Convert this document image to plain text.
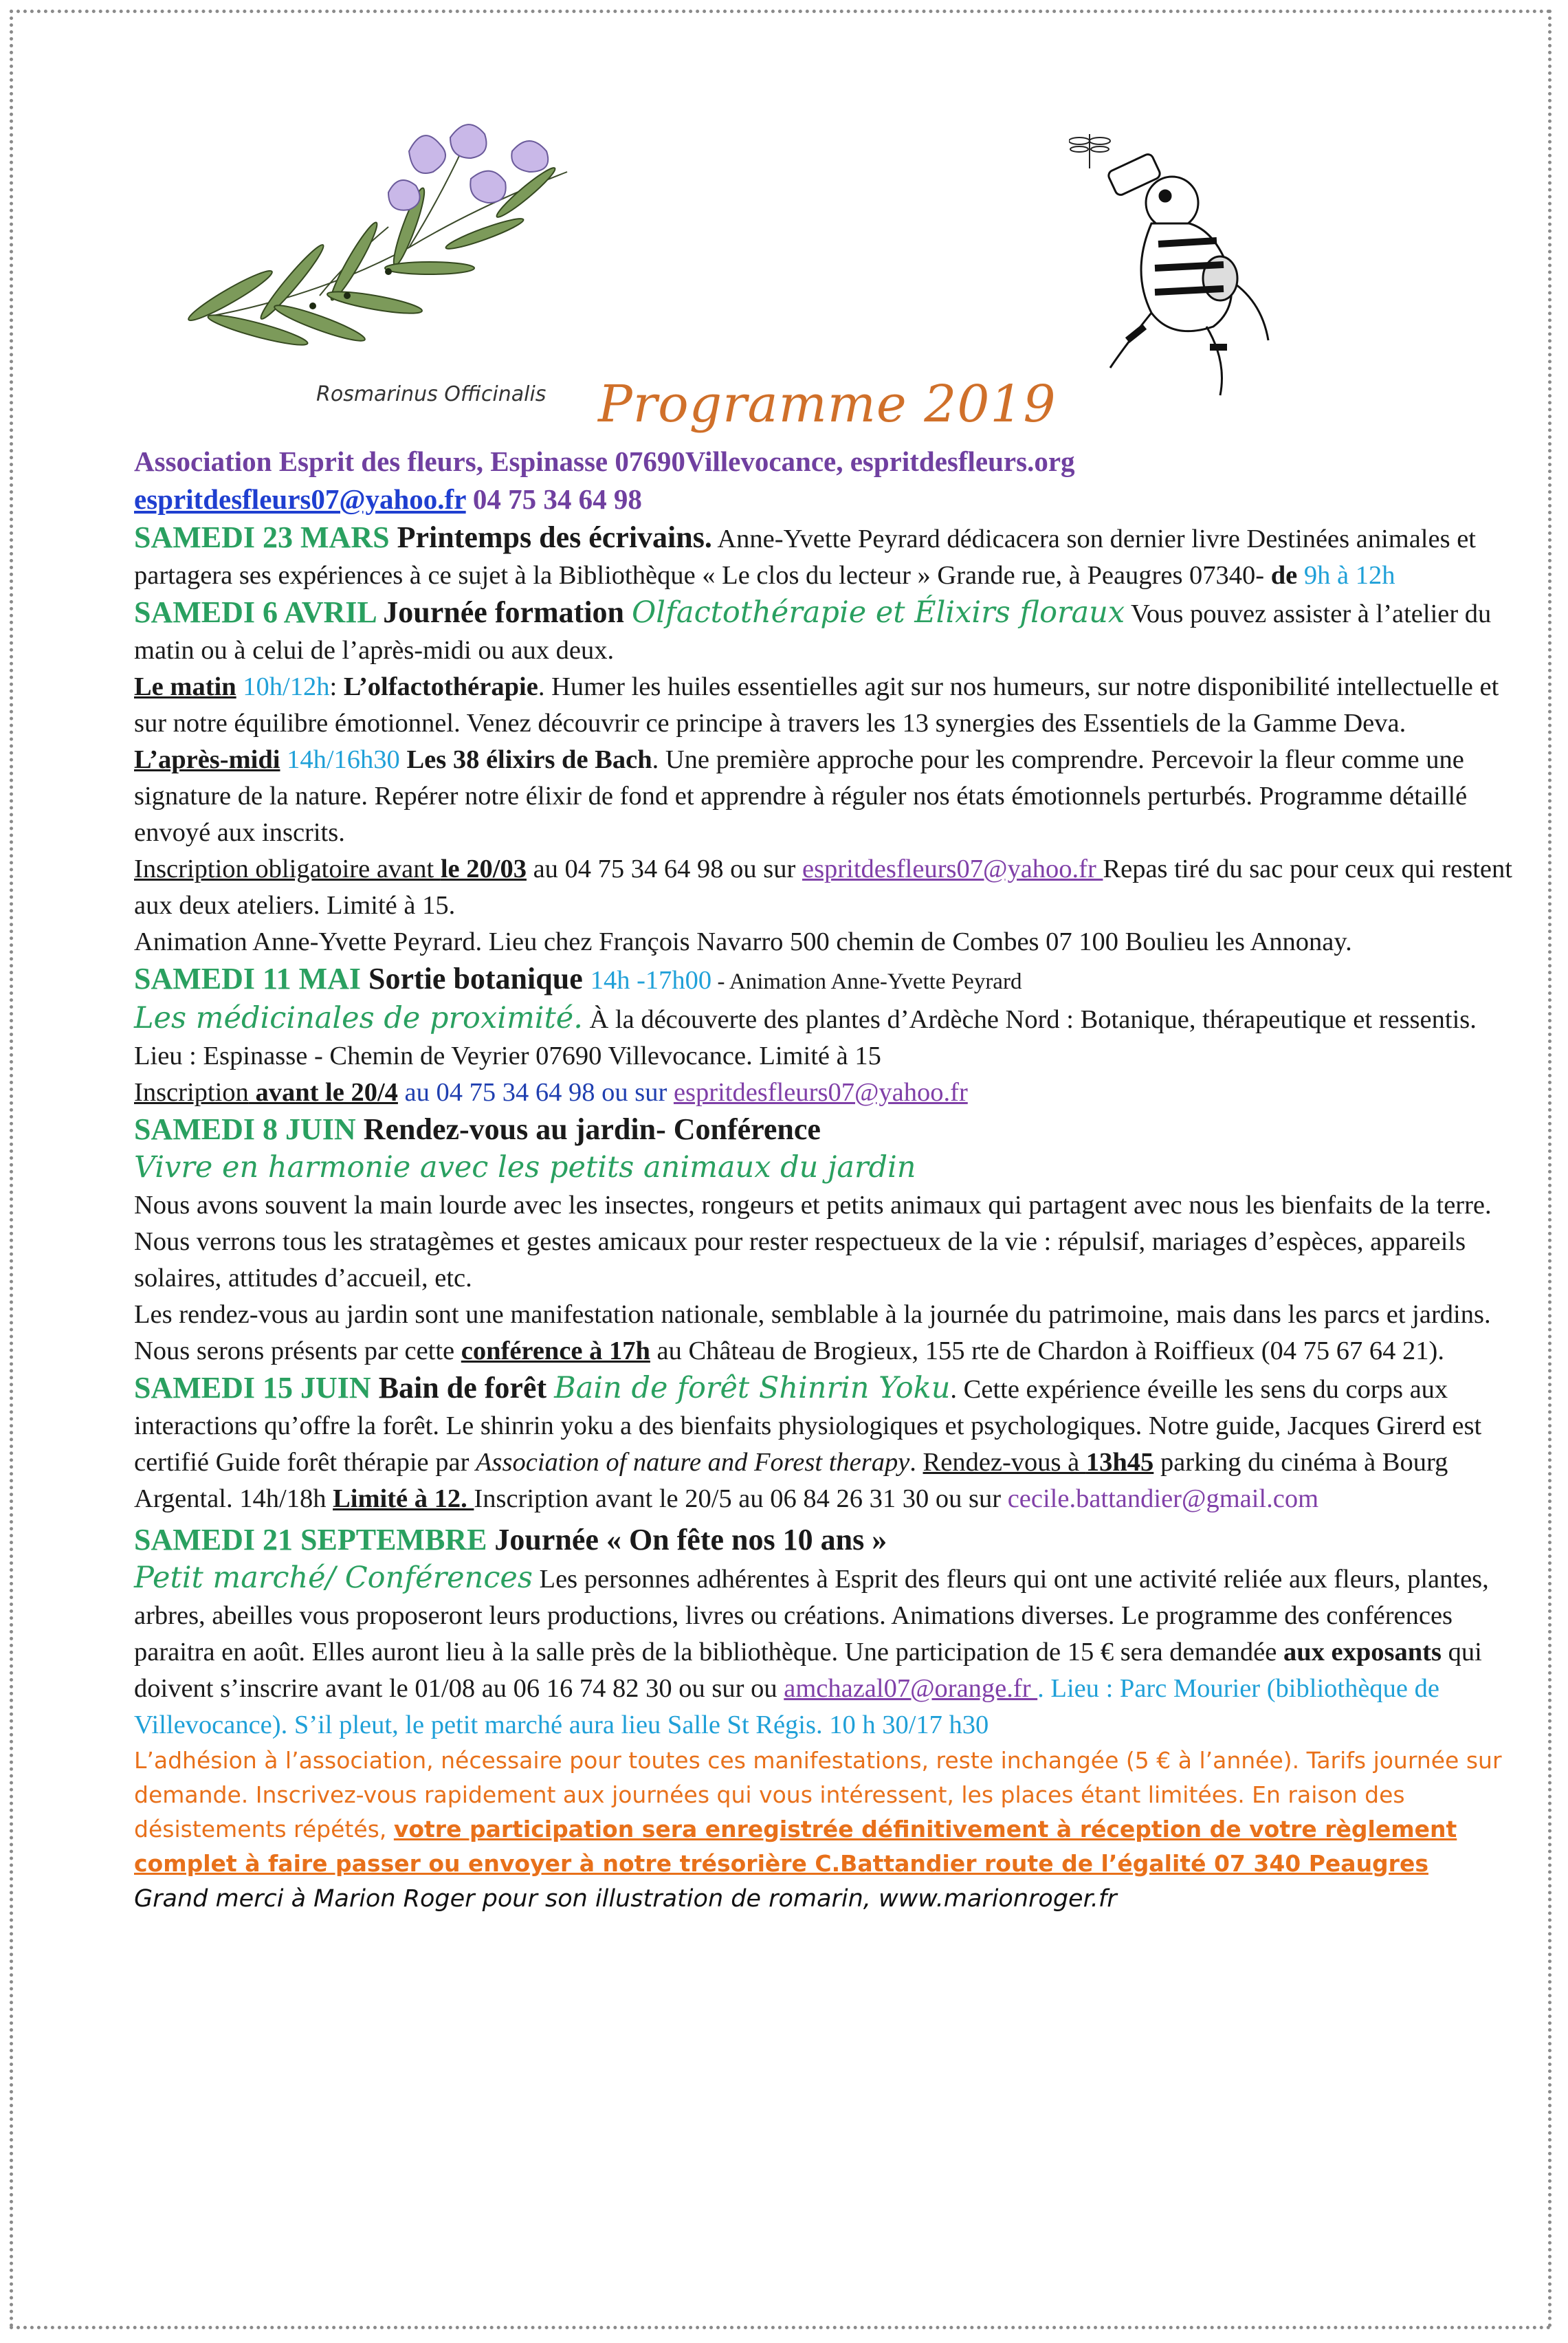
Rosmarinus Officinalis Programme 2019

Association Esprit des fleurs, Espinasse 07690Villevocance, espritdesfleurs.org
espritdesfleurs07@yahoo.fr 04 75 34 64 98

SAMEDI 23 MARS Printemps des écrivains. Anne-Yvette Peyrard dédicacera son dernier livre Destinées animales et partagera ses expériences à ce sujet à la Bibliothèque « Le clos du lecteur » Grande rue, à Peaugres 07340- de 9h à 12h

SAMEDI 6 AVRIL Journée formation Olfactothérapie et Élixirs floraux Vous pouvez assister à l’atelier du matin ou à celui de l’après-midi ou aux deux.
Le matin 10h/12h: L’olfactothérapie. Humer les huiles essentielles agit sur nos humeurs, sur notre disponibilité intellectuelle et sur notre équilibre émotionnel. Venez découvrir ce principe à travers les 13 synergies des Essentiels de la Gamme Deva.
L’après-midi 14h/16h30 Les 38 élixirs de Bach. Une première approche pour les comprendre. Percevoir la fleur comme une signature de la nature. Repérer notre élixir de fond et apprendre à réguler nos états émotionnels perturbés. Programme détaillé envoyé aux inscrits.
Inscription obligatoire avant le 20/03 au 04 75 34 64 98 ou sur espritdesfleurs07@yahoo.fr Repas tiré du sac pour ceux qui restent aux deux ateliers. Limité à 15.
Animation Anne-Yvette Peyrard. Lieu chez François Navarro 500 chemin de Combes 07 100 Boulieu les Annonay.

SAMEDI 11 MAI Sortie botanique 14h -17h00 - Animation Anne-Yvette Peyrard
Les médicinales de proximité. À la découverte des plantes d’Ardèche Nord : Botanique, thérapeutique et ressentis. Lieu : Espinasse - Chemin de Veyrier 07690 Villevocance. Limité à 15
Inscription avant le 20/4 au 04 75 34 64 98 ou sur espritdesfleurs07@yahoo.fr

SAMEDI 8 JUIN Rendez-vous au jardin- Conférence
Vivre en harmonie avec les petits animaux du jardin
Nous avons souvent la main lourde avec les insectes, rongeurs et petits animaux qui partagent avec nous les bienfaits de la terre. Nous verrons tous les stratagèmes et gestes amicaux pour rester respectueux de la vie : répulsif, mariages d’espèces, appareils solaires, attitudes d’accueil, etc.
Les rendez-vous au jardin sont une manifestation nationale, semblable à la journée du patrimoine, mais dans les parcs et jardins. Nous serons présents par cette conférence à 17h au Château de Brogieux, 155 rte de Chardon à Roiffieux (04 75 67 64 21).

SAMEDI 15 JUIN Bain de forêt Bain de forêt Shinrin Yoku. Cette expérience éveille les sens du corps aux interactions qu’offre la forêt. Le shinrin yoku a des bienfaits physiologiques et psychologiques. Notre guide, Jacques Girerd est certifié Guide forêt thérapie par Association of nature and Forest therapy. Rendez-vous à 13h45 parking du cinéma à Bourg Argental. 14h/18h Limité à 12. Inscription avant le 20/5 au 06 84 26 31 30 ou sur cecile.battandier@gmail.com

SAMEDI 21 SEPTEMBRE Journée « On fête nos 10 ans »
Petit marché/ Conférences Les personnes adhérentes à Esprit des fleurs qui ont une activité reliée aux fleurs, plantes, arbres, abeilles vous proposeront leurs productions, livres ou créations. Animations diverses. Le programme des conférences paraitra en août. Elles auront lieu à la salle près de la bibliothèque. Une participation de 15 € sera demandée aux exposants qui doivent s’inscrire avant le 01/08 au 06 16 74 82 30 ou sur ou amchazal07@orange.fr . Lieu : Parc Mourier (bibliothèque de Villevocance). S’il pleut, le petit marché aura lieu Salle St Régis. 10 h 30/17 h30

L’adhésion à l’association, nécessaire pour toutes ces manifestations, reste inchangée (5 € à l’année). Tarifs journée sur demande. Inscrivez-vous rapidement aux journées qui vous intéressent, les places étant limitées. En raison des désistements répétés, votre participation sera enregistrée définitivement à réception de votre règlement complet à faire passer ou envoyer à notre trésorière C.Battandier route de l’égalité 07 340 Peaugres

Grand merci à Marion Roger pour son illustration de romarin, www.marionroger.fr
